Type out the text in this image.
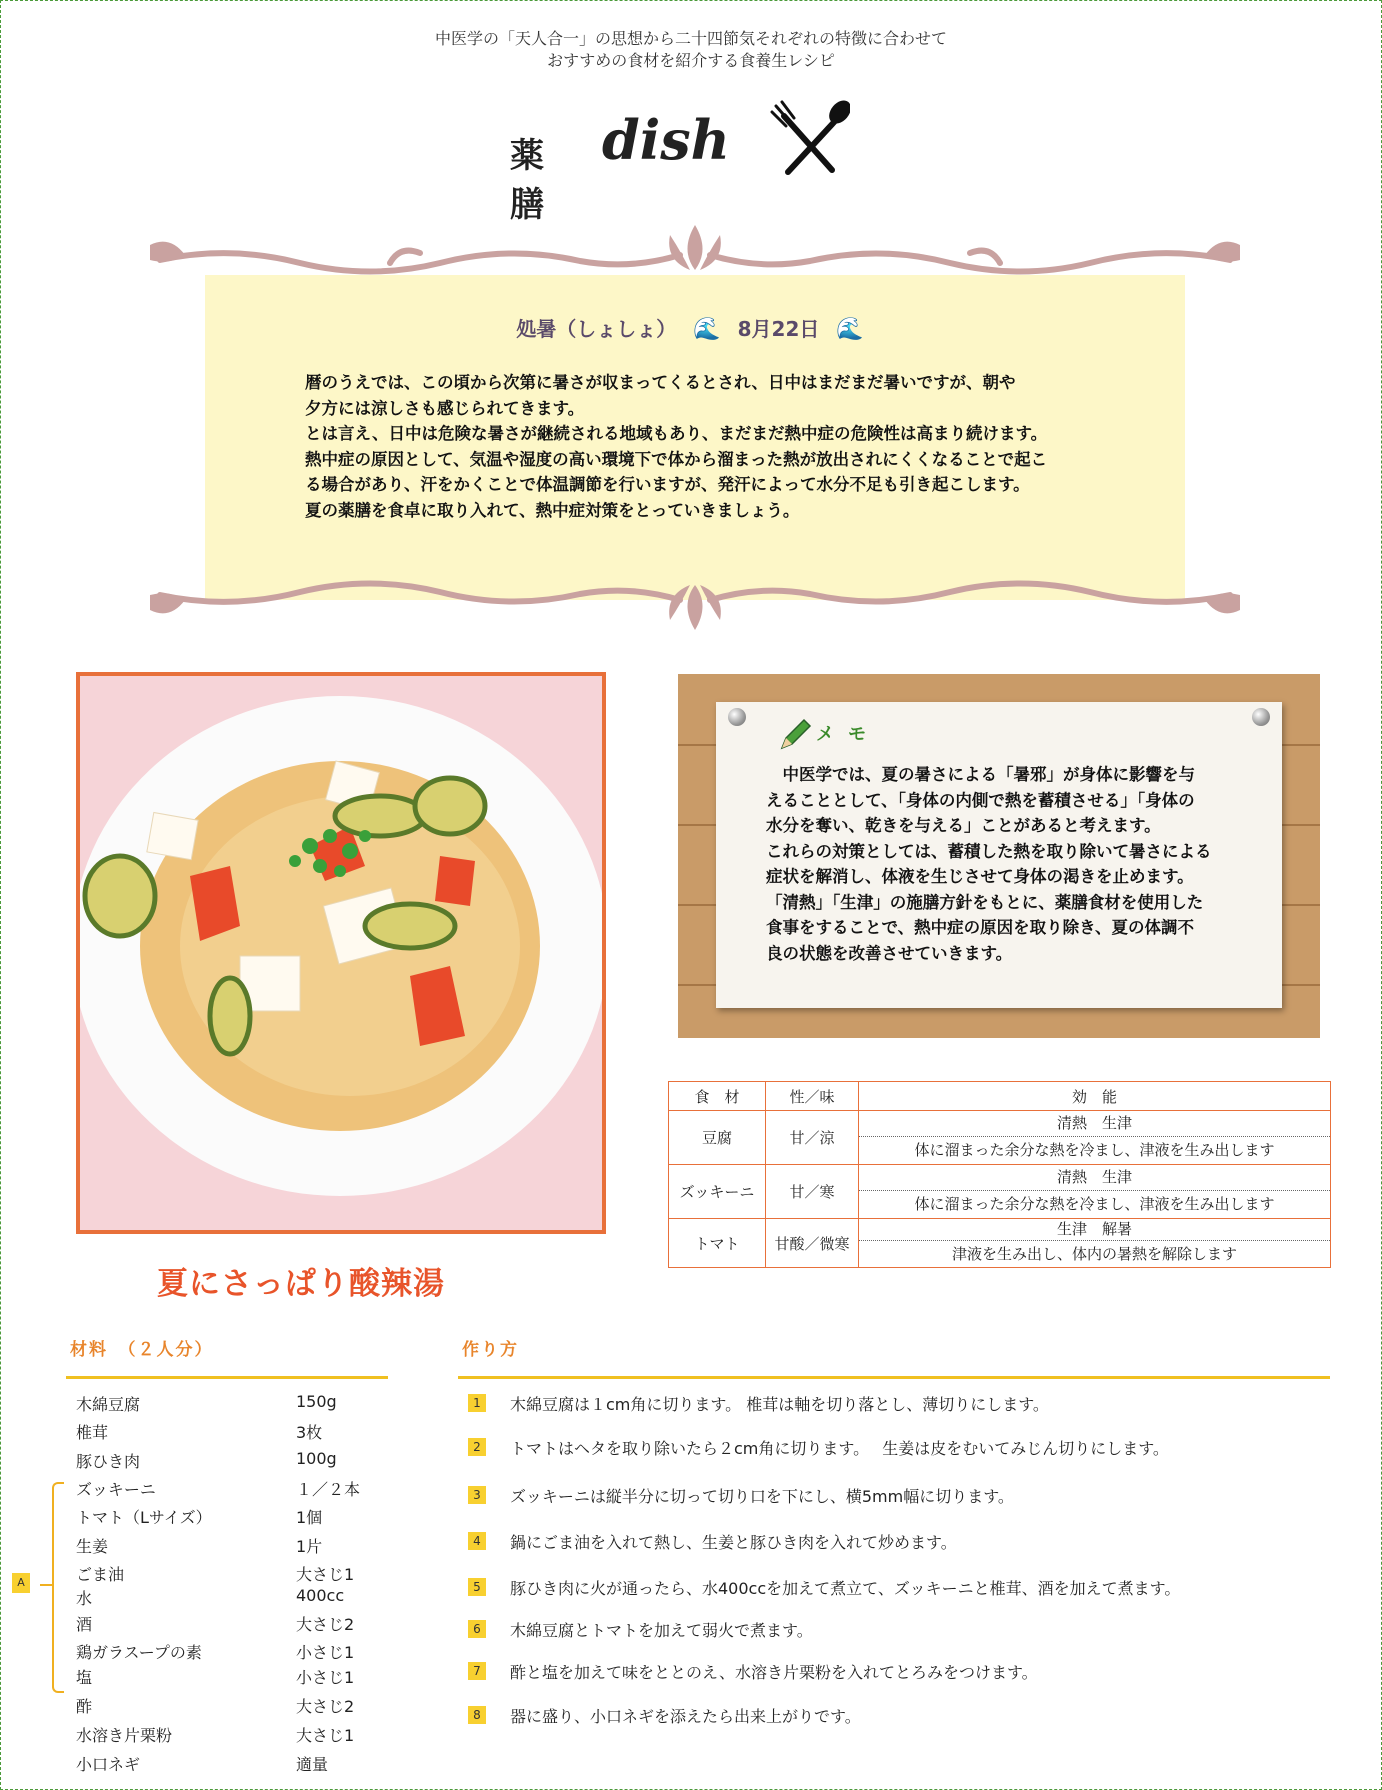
中医学の「天人合一」の思想から二十四節気それぞれの特徴に合わせて
おすすめの食材を紹介する食養生レシピ
薬膳
dish
処暑（しょしょ） 🌊 8月22日 🌊

暦のうえでは、この頃から次第に暑さが収まってくるとされ、日中はまだまだ暑いですが、朝や

夕方には涼しさも感じられてきます。

とは言え、日中は危険な暑さが継続される地域もあり、まだまだ熱中症の危険性は高まり続けます。

熱中症の原因として、気温や湿度の高い環境下で体から溜まった熱が放出されにくくなることで起こ

る場合があり、汗をかくことで体温調節を行いますが、発汗によって水分不足も引き起こします。

夏の薬膳を食卓に取り入れて、熱中症対策をとっていきましょう。

夏にさっぱり酸辣湯
メモ

　中医学では、夏の暑さによる「暑邪」が身体に影響を与

えることとして、「身体の内側で熱を蓄積させる」「身体の

水分を奪い、乾きを与える」ことがあると考えます。

これらの対策としては、蓄積した熱を取り除いて暑さによる

症状を解消し、体液を生じさせて身体の渇きを止めます。

「清熱」「生津」の施膳方針をもとに、薬膳食材を使用した

食事をすることで、熱中症の原因を取り除き、夏の体調不

良の状態を改善させていきます。

食　材	性／味	効　能
豆腐	甘／涼	清熱　生津
体に溜まった余分な熱を冷まし、津液を生み出します

ズッキーニ	甘／寒	清熱　生津
体に溜まった余分な熱を冷まし、津液を生み出します

トマト	甘酸／微寒	生津　解暑
津液を生み出し、体内の暑熱を解除します
材料　（２人分）
木綿豆腐	150g
椎茸	3枚
豚ひき肉	100g
ズッキーニ	１／２本
トマト（Lサイズ）	1個
生姜	1片
ごま油	大さじ1
水	400cc
酒	大さじ2
鶏ガラスープの素	小さじ1
塩	小さじ1
酢	大さじ2
水溶き片栗粉	大さじ1
小口ネギ	適量
A
作り方
1	木綿豆腐は１cm角に切ります。 椎茸は軸を切り落とし、薄切りにします。
2	トマトはヘタを取り除いたら２cm角に切ります。　 生姜は皮をむいてみじん切りにします。
3	ズッキーニは縦半分に切って切り口を下にし、横5mm幅に切ります。
4	鍋にごま油を入れて熱し、生姜と豚ひき肉を入れて炒めます。
5	豚ひき肉に火が通ったら、水400ccを加えて煮立て、ズッキーニと椎茸、酒を加えて煮ます。
6	木綿豆腐とトマトを加えて弱火で煮ます。
7	酢と塩を加えて味をととのえ、水溶き片栗粉を入れてとろみをつけます。
8	器に盛り、小口ネギを添えたら出来上がりです。
